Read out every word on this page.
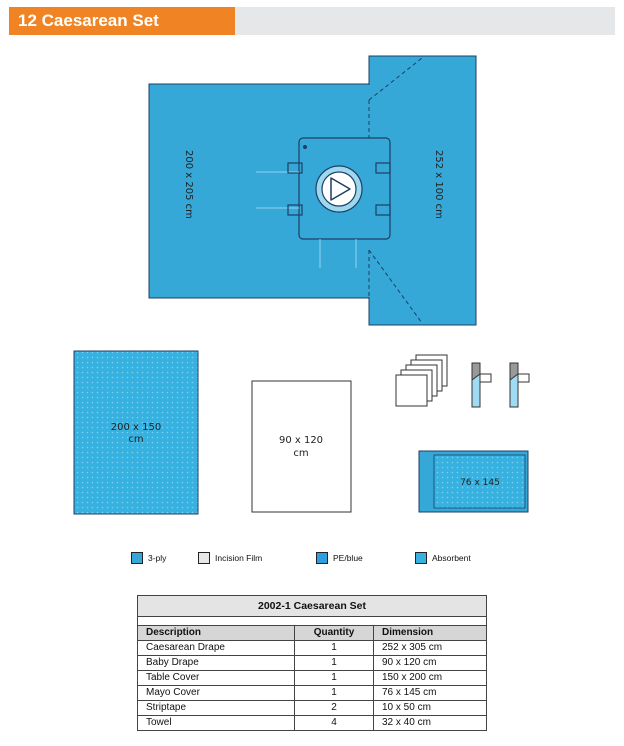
12 Caesarean Set
200 x 205 cm	252 x 100 cm
200 x 150
cm	90 x 120
cm
76 x 145
3-ply	Incision Film	PE/blue	Absorbent
2002-1 Caesarean Set		

Description	Quantity	Dimension
Caesarean Drape	1	252 x 305 cm
Baby Drape	1	90 x 120 cm
Table Cover	1	150 x 200 cm
Mayo Cover	1	76 x 145 cm
Striptape	2	10 x 50 cm
Towel	4	32 x 40 cm
